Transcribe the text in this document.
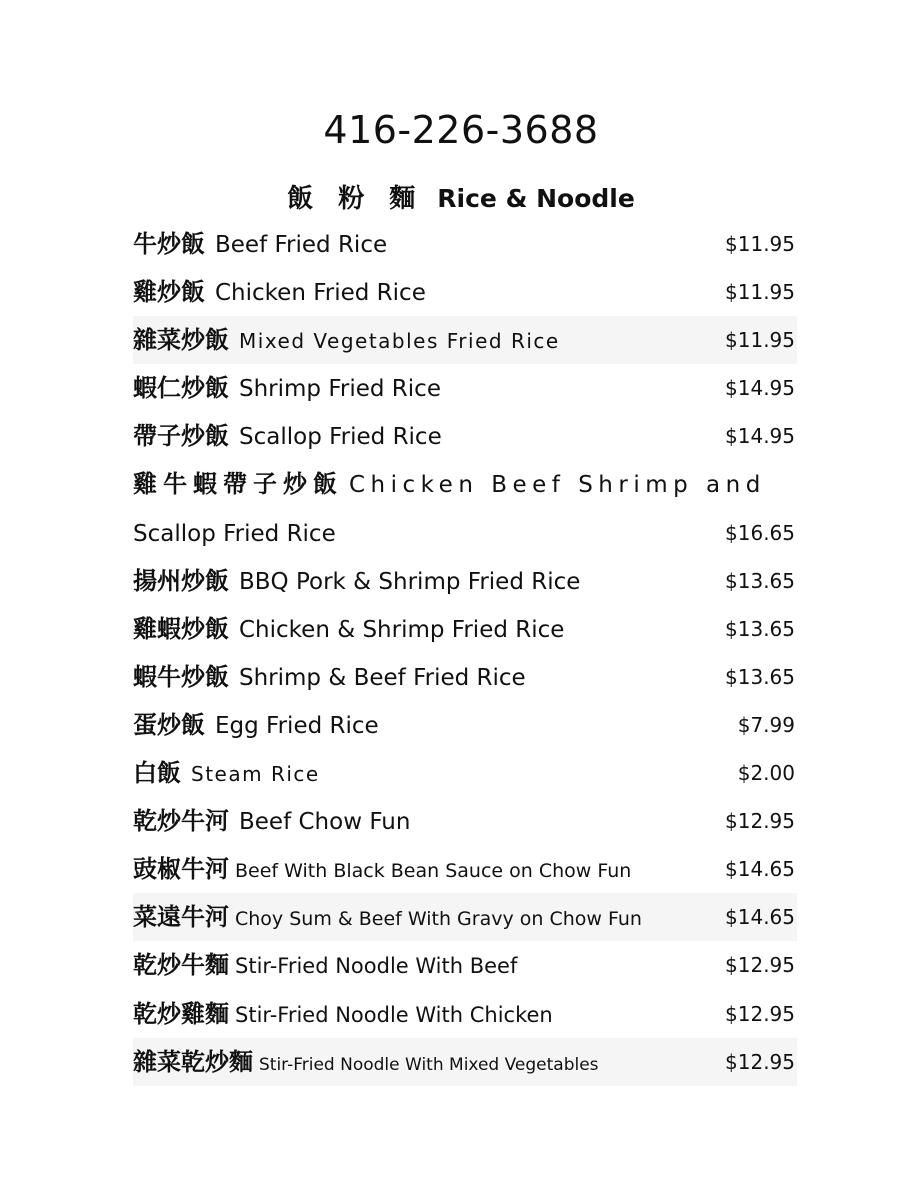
416-226-3688
飯 粉 麵 Rice & Noodle
牛炒飯 Beef Fried Rice	$11.95
雞炒飯 Chicken Fried Rice	$11.95
雜菜炒飯 Mixed Vegetables Fried Rice	$11.95
蝦仁炒飯 Shrimp Fried Rice	$14.95
帶子炒飯 Scallop Fried Rice	$14.95
雞牛蝦帶子炒飯 Chicken Beef Shrimp and
Scallop Fried Rice	$16.65
揚州炒飯 BBQ Pork & Shrimp Fried Rice	$13.65
雞蝦炒飯 Chicken & Shrimp Fried Rice	$13.65
蝦牛炒飯 Shrimp & Beef Fried Rice	$13.65
蛋炒飯 Egg Fried Rice	$7.99
白飯 Steam Rice	$2.00
乾炒牛河 Beef Chow Fun	$12.95
豉椒牛河 Beef With Black Bean Sauce on Chow Fun	$14.65
菜遠牛河 Choy Sum & Beef With Gravy on Chow Fun	$14.65
乾炒牛麵 Stir-Fried Noodle With Beef	$12.95
乾炒雞麵 Stir-Fried Noodle With Chicken	$12.95
雜菜乾炒麵 Stir-Fried Noodle With Mixed Vegetables	$12.95
